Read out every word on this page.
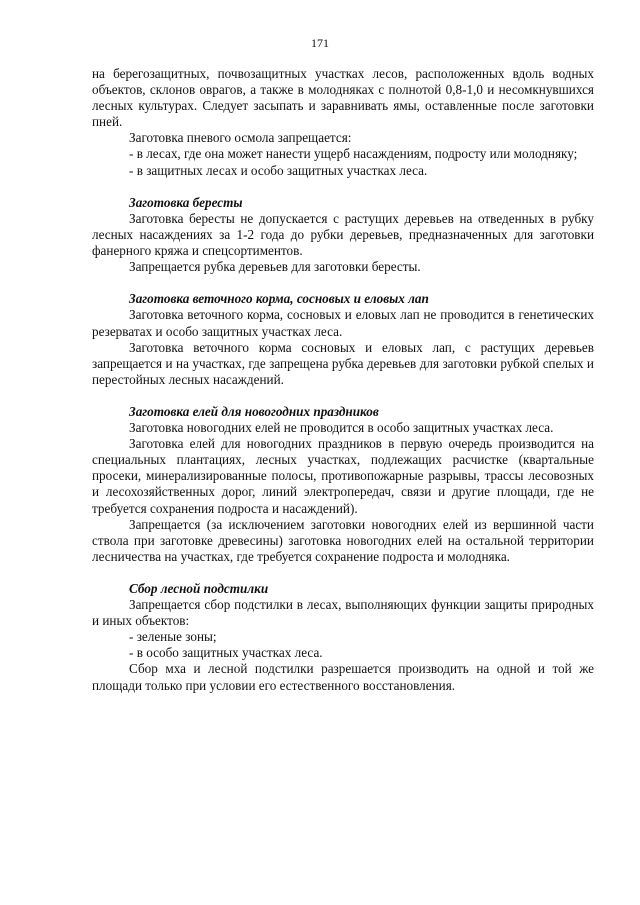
171

на берегозащитных, почвозащитных участках лесов, расположенных вдоль водных объектов, склонов оврагов, а также в молодняках с полнотой 0,8-1,0 и несомкнувшихся лесных культурах. Следует засыпать и заравнивать ямы, оставленные после заготовки пней.

Заготовка пневого осмола запрещается:

- в лесах, где она может нанести ущерб насаждениям, подросту или молодняку;

- в защитных лесах и особо защитных участках леса.

Заготовка бересты

Заготовка бересты не допускается с растущих деревьев на отведенных в рубку лесных насаждениях за 1-2 года до рубки деревьев, предназначенных для заготовки фанерного кряжа и спецсортиментов.

Запрещается рубка деревьев для заготовки бересты.

Заготовка веточного корма, сосновых и еловых лап

Заготовка веточного корма, сосновых и еловых лап не проводится в генетических резерватах и особо защитных участках леса.

Заготовка веточного корма сосновых и еловых лап, с растущих деревьев запрещается и на участках, где запрещена рубка деревьев для заготовки рубкой спелых и перестойных лесных насаждений.

Заготовка елей для новогодних праздников

Заготовка новогодних елей не проводится в особо защитных участках леса.

Заготовка елей для новогодних праздников в первую очередь производится на специальных плантациях, лесных участках, подлежащих расчистке (квартальные просеки, минерализированные полосы, противопожарные разрывы, трассы лесовозных и лесохозяйственных дорог, линий электропередач, связи и другие площади, где не требуется сохранения подроста и насаждений).

Запрещается (за исключением заготовки новогодних елей из вершинной части ствола при заготовке древесины) заготовка новогодних елей на остальной территории лесничества на участках, где требуется сохранение подроста и молодняка.

Сбор лесной подстилки

Запрещается сбор подстилки в лесах, выполняющих функции защиты природных и иных объектов:

- зеленые зоны;

- в особо защитных участках леса.

Сбор мха и лесной подстилки разрешается производить на одной и той же площади только при условии его естественного восстановления.
